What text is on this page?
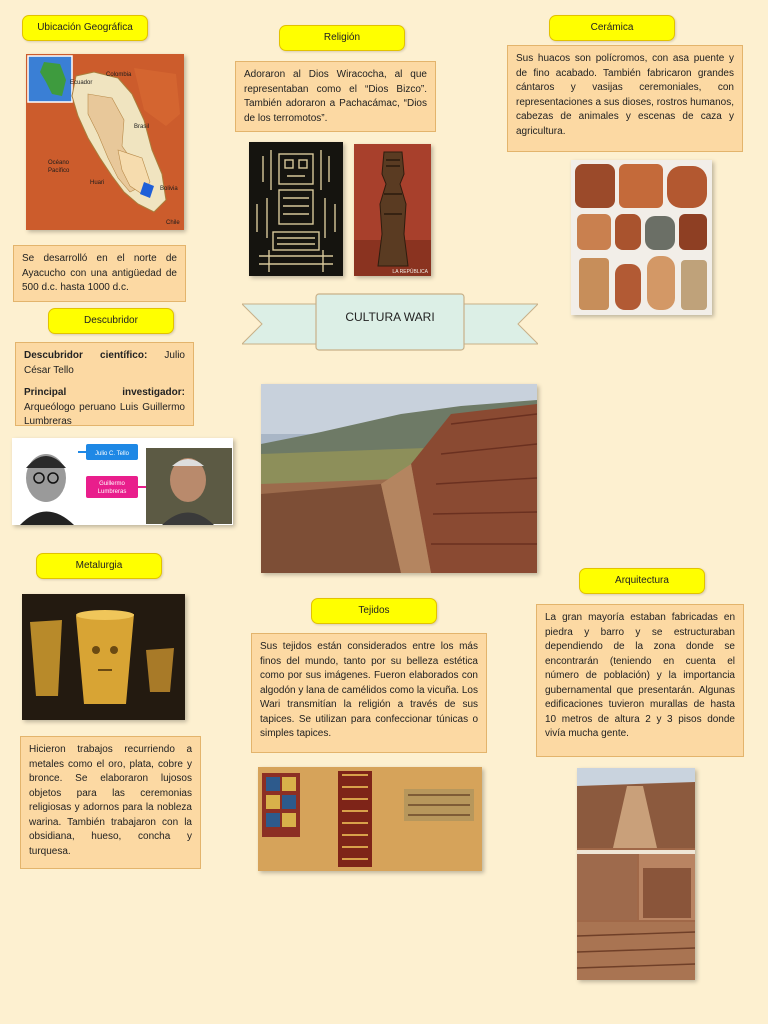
Ubicación Geográfica
Religión
Cerámica
Descubridor
Metalurgia
Tejidos
Arquitectura
Colombia
Ecuador
Brasil
Océano
Pacífico
Bolivia
Chile
Huari
Se desarrolló en el norte de Ayacucho con una antigüedad de 500 d.c. hasta 1000 d.c.
Adoraron al Dios Wiracocha, al que representaban como el “Dios Bizco”. También adoraron a Pachacámac, “Dios de los terromotos”.
LA REPÚBLICA
Sus huacos son polícromos, con asa puente y de fino acabado. También fabricaron grandes cántaros y vasijas ceremoniales, con representaciones a sus dioses, rostros humanos, cabezas de animales y escenas de caza y agricultura.
CULTURA WARI

Descubridor científico: Julio César Tello

Principal investigador: Arqueólogo peruano Luis Guillermo Lumbreras

Julio C. Tello
Guillermo
Lumbreras
Hicieron trabajos recurriendo a metales como el oro, plata, cobre y bronce. Se elaboraron lujosos objetos para las ceremonias religiosas y adornos para la nobleza warina. También trabajaron con la obsidiana, hueso, concha y turquesa.
Sus tejidos están considerados entre los más finos del mundo, tanto por su belleza estética como por sus imágenes. Fueron elaborados con algodón y lana de camélidos como la vicuña. Los Wari transmitían la religión a través de sus tapices. Se utilizan para confeccionar túnicas o simples tapices.
La gran mayoría estaban fabricadas en piedra y barro y se estructuraban dependiendo de la zona donde se encontrarán (teniendo en cuenta el número de población) y la importancia gubernamental que presentarán. Algunas edificaciones tuvieron murallas de hasta 10 metros de altura 2 y 3 pisos donde vivía mucha gente.
